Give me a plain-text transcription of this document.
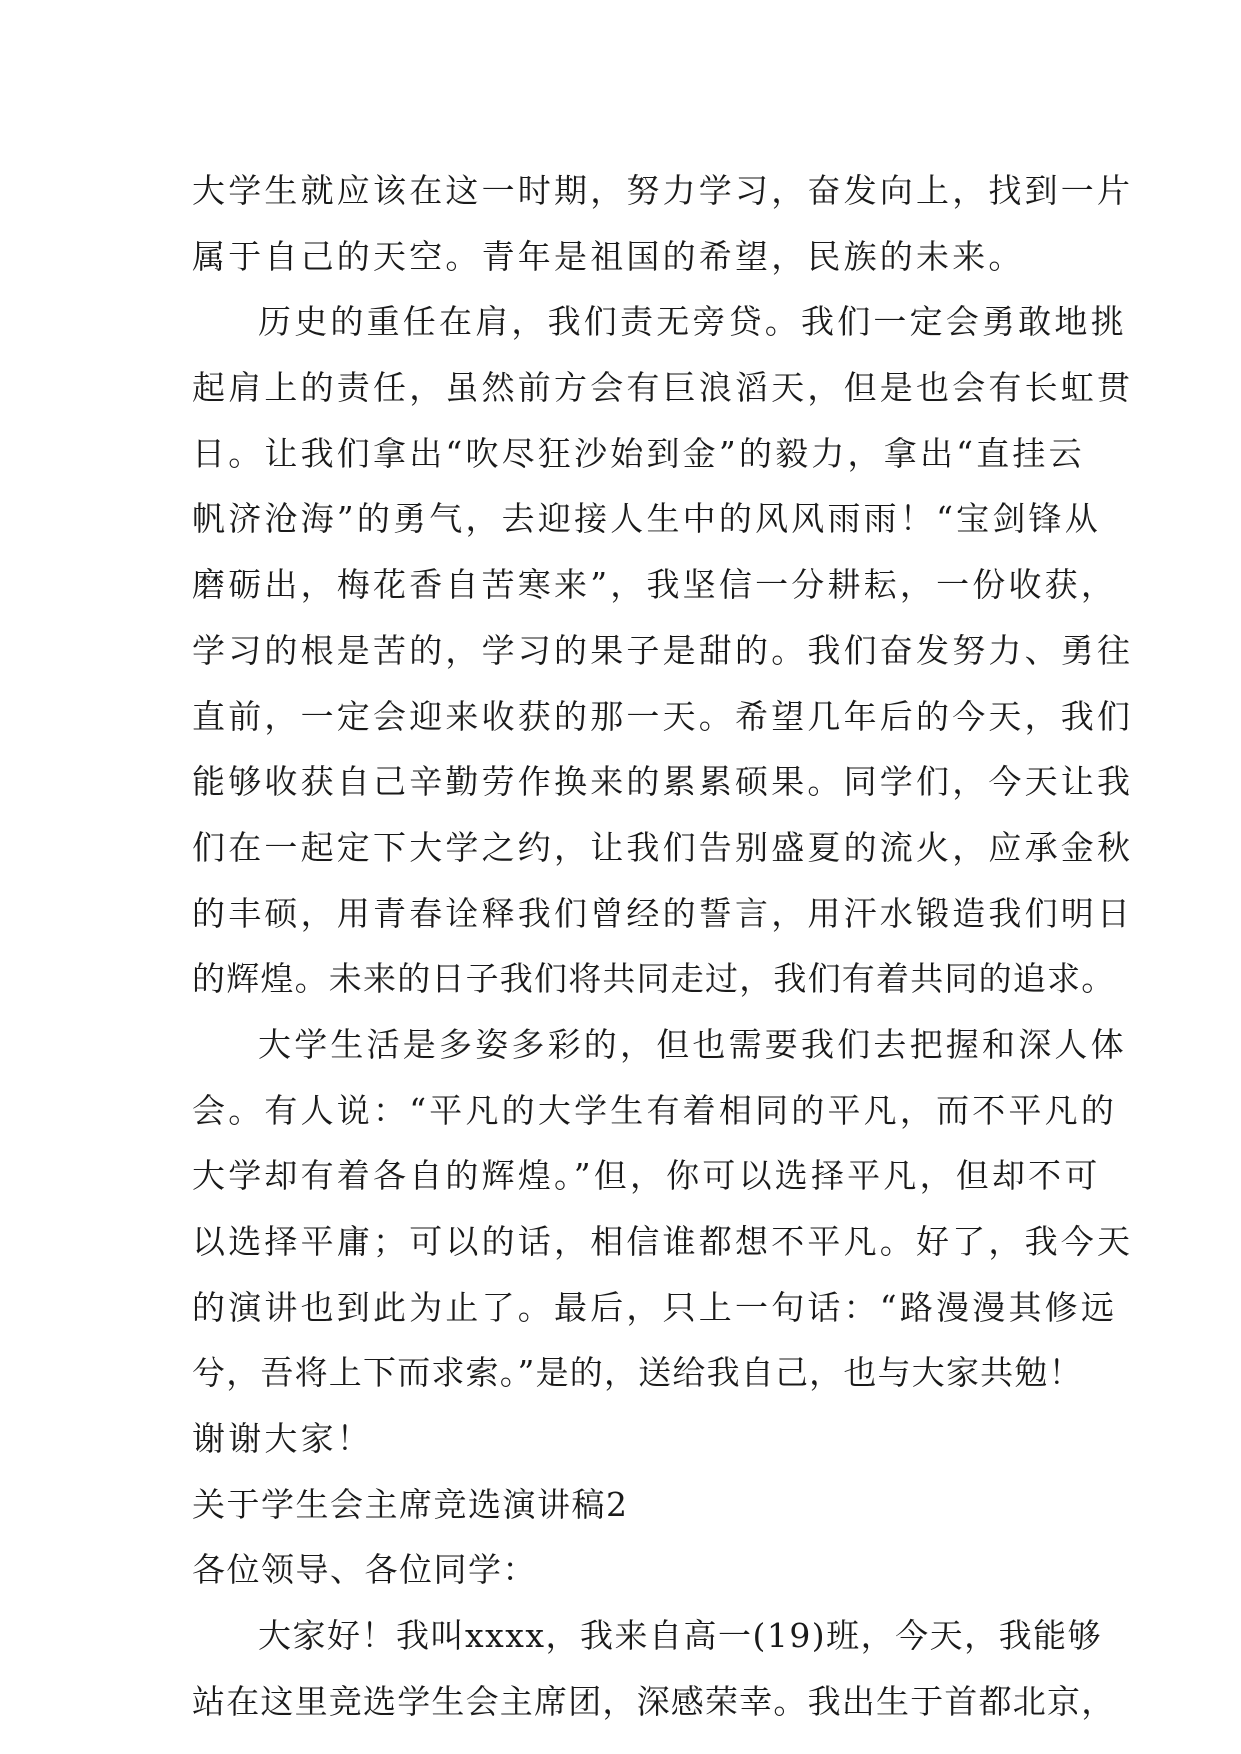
大学生就应该在这一时期，努力学习，奋发向上，找到一片
属于自己的天空。青年是祖国的希望，民族的未来。
历史的重任在肩，我们责无旁贷。我们一定会勇敢地挑
起肩上的责任，虽然前方会有巨浪滔天，但是也会有长虹贯
日。让我们拿出“吹尽狂沙始到金”的毅力，拿出“直挂云
帆济沧海”的勇气，去迎接人生中的风风雨雨！“宝剑锋从
磨砺出，梅花香自苦寒来”，我坚信一分耕耘，一份收获，
学习的根是苦的，学习的果子是甜的。我们奋发努力、勇往
直前，一定会迎来收获的那一天。希望几年后的今天，我们
能够收获自己辛勤劳作换来的累累硕果。同学们，今天让我
们在一起定下大学之约，让我们告别盛夏的流火，应承金秋
的丰硕，用青春诠释我们曾经的誓言，用汗水锻造我们明日
的辉煌。未来的日子我们将共同走过，我们有着共同的追求。
大学生活是多姿多彩的，但也需要我们去把握和深人体
会。有人说：“平凡的大学生有着相同的平凡，而不平凡的
大学却有着各自的辉煌。”但，你可以选择平凡，但却不可
以选择平庸；可以的话，相信谁都想不平凡。好了，我今天
的演讲也到此为止了。最后，只上一句话：“路漫漫其修远
兮，吾将上下而求索。”是的，送给我自己，也与大家共勉！
谢谢大家！
关于学生会主席竞选演讲稿2
各位领导、各位同学：
大家好！我叫xxxx，我来自高一(19)班，今天，我能够
站在这里竞选学生会主席团，深感荣幸。我出生于首都北京，
